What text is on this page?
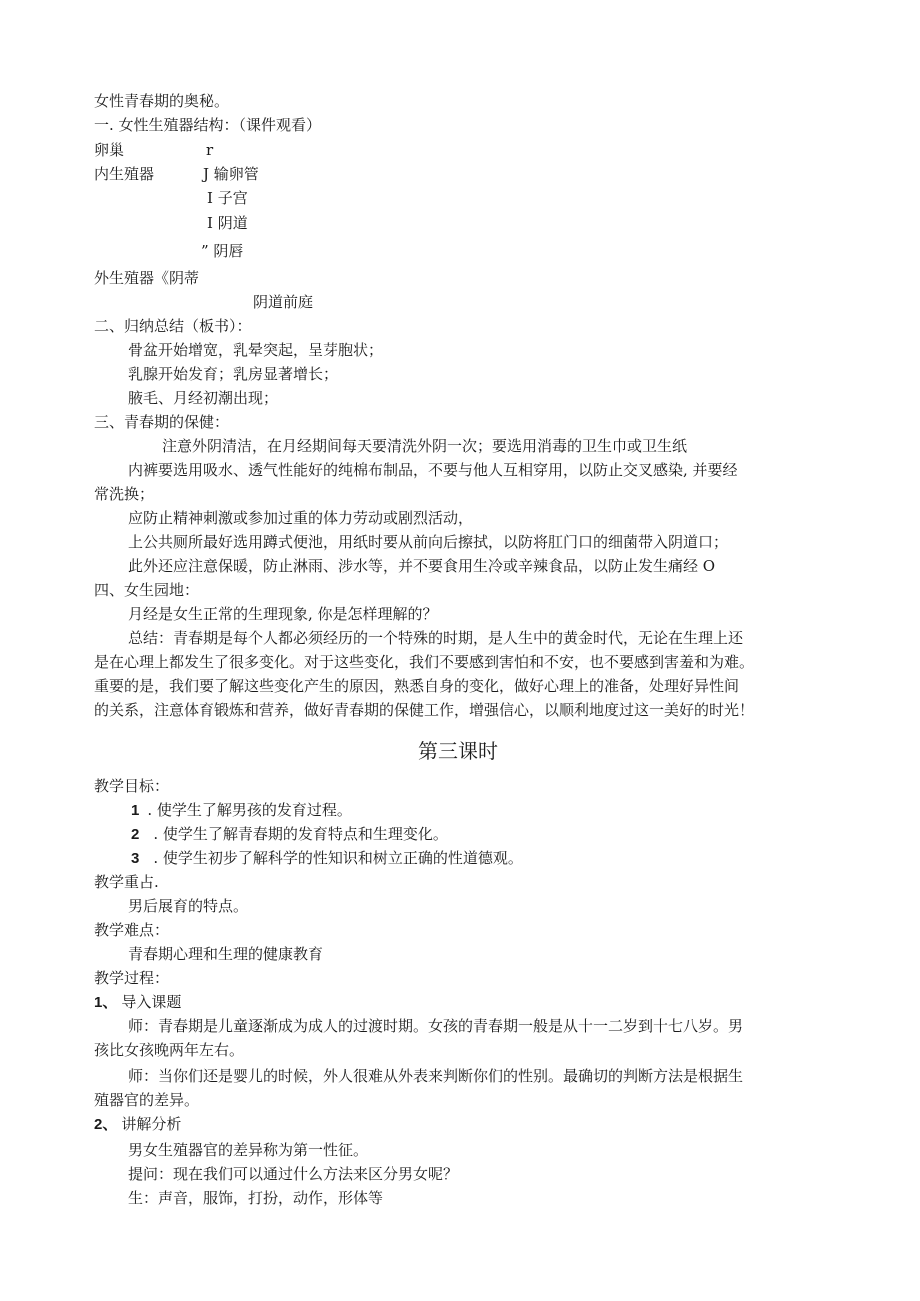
女性青春期的奥秘。
一. 女性生殖器结构：（课件观看）
卵巢	r
内生殖器	J 输卵管
I 子宫
I 阴道
” 阴唇
外生殖器《阴蒂
阴道前庭
二、归纳总结（板书）：
骨盆开始增宽，乳晕突起，呈芽胞状；
乳腺开始发育；乳房显著增长；
腋毛、月经初潮出现；
三、青春期的保健：
注意外阴清洁，在月经期间每天要清洗外阴一次；要选用消毒的卫生巾或卫生纸
内裤要选用吸水、透气性能好的纯棉布制品，不要与他人互相穿用，以防止交叉感染, 并要经
常洗换；
应防止精神刺激或参加过重的体力劳动或剧烈活动，
上公共厕所最好选用蹲式便池，用纸时要从前向后擦拭，以防将肛门口的细菌带入阴道口；
此外还应注意保暖，防止淋雨、涉水等，并不要食用生冷或辛辣食品，以防止发生痛经 O
四、女生园地：
月经是女生正常的生理现象, 你是怎样理解的？
总结：青春期是每个人都必须经历的一个特殊的时期，是人生中的黄金时代，无论在生理上还
是在心理上都发生了很多变化。对于这些变化，我们不要感到害怕和不安，也不要感到害羞和为难。
重要的是，我们要了解这些变化产生的原因，熟悉自身的变化，做好心理上的准备，处理好异性间
的关系，注意体育锻炼和营养，做好青春期的保健工作，增强信心，以顺利地度过这一美好的时光！
第三课时
教学目标：
1 . 使学生了解男孩的发育过程。
2 . 使学生了解青春期的发育特点和生理变化。
3 . 使学生初步了解科学的性知识和树立正确的性道德观。
教学重占.
男后展育的特点。
教学难点：
青春期心理和生理的健康教育
教学过程：
1、 导入课题
师：青春期是儿童逐渐成为成人的过渡时期。女孩的青春期一般是从十一二岁到十七八岁。男
孩比女孩晚两年左右。
师：当你们还是婴儿的时候，外人很难从外表来判断你们的性别。最确切的判断方法是根据生
殖器官的差异。
2、 讲解分析
男女生殖器官的差异称为第一性征。
提问：现在我们可以通过什么方法来区分男女呢？
生：声音，服饰，打扮，动作，形体等
